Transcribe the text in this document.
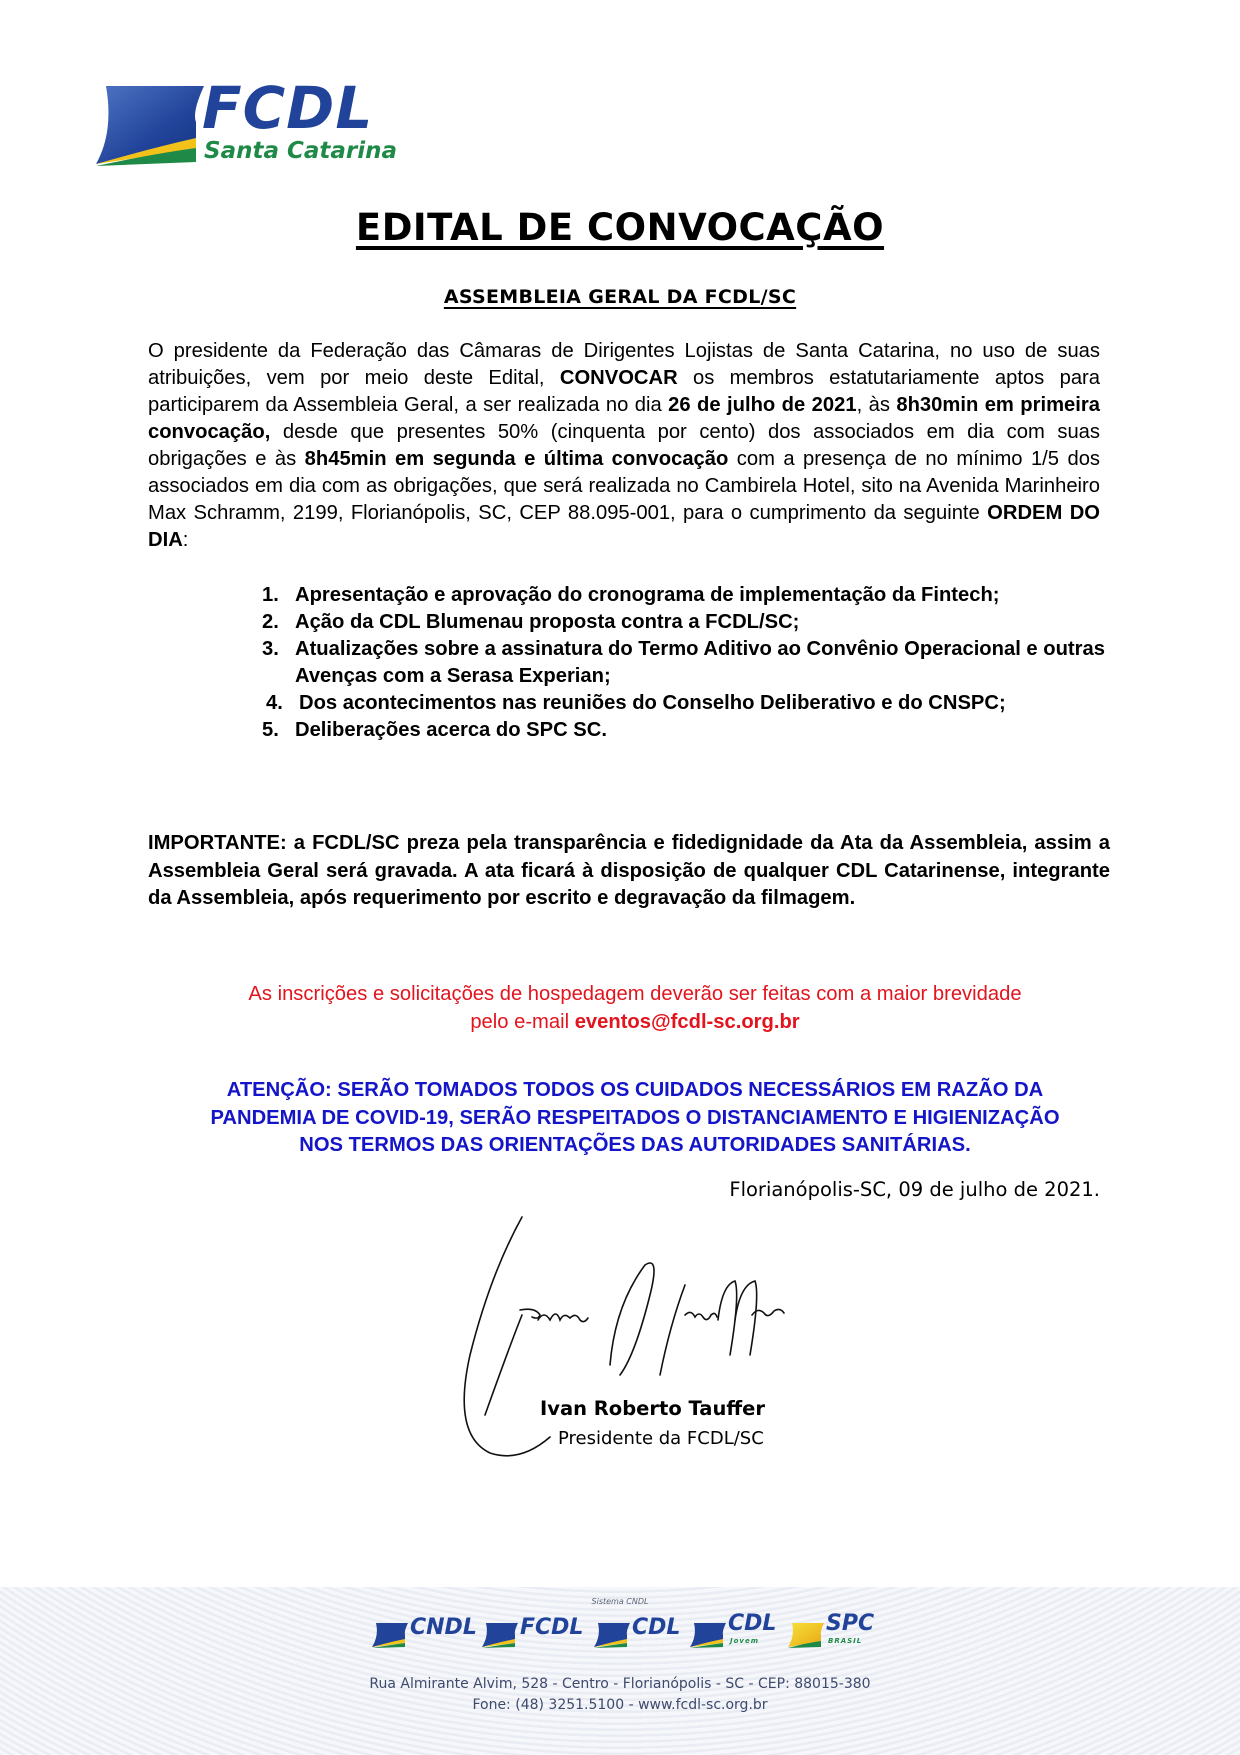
FCDL
Santa Catarina
EDITAL DE CONVOCAÇÃO
ASSEMBLEIA GERAL DA FCDL/SC
O presidente da Federação das Câmaras de Dirigentes Lojistas de Santa Catarina, no uso de suas atribuições, vem por meio deste Edital, CONVOCAR os membros estatutariamente aptos para participarem da Assembleia Geral, a ser realizada no dia 26 de julho de 2021, às 8h30min em primeira convocação, desde que presentes 50% (cinquenta por cento) dos associados em dia com suas obrigações e às 8h45min em segunda e última convocação com a presença de no mínimo 1/5 dos associados em dia com as obrigações, que será realizada no Cambirela Hotel, sito na Avenida Marinheiro Max Schramm, 2199, Florianópolis, SC, CEP 88.095-001, para o cumprimento da seguinte ORDEM DO DIA:
1. Apresentação e aprovação do cronograma de implementação da Fintech;
2. Ação da CDL Blumenau proposta contra a FCDL/SC;
3. Atualizações sobre a assinatura do Termo Aditivo ao Convênio Operacional e outras Avenças com a Serasa Experian;
4. Dos acontecimentos nas reuniões do Conselho Deliberativo e do CNSPC;
5. Deliberações acerca do SPC SC.
IMPORTANTE: a FCDL/SC preza pela transparência e fidedignidade da Ata da Assembleia, assim a Assembleia Geral será gravada. A ata ficará à disposição de qualquer CDL Catarinense, integrante da Assembleia, após requerimento por escrito e degravação da filmagem.
As inscrições e solicitações de hospedagem deverão ser feitas com a maior brevidade
pelo e-mail eventos@fcdl-sc.org.br
ATENÇÃO: SERÃO TOMADOS TODOS OS CUIDADOS NECESSÁRIOS EM RAZÃO DA
PANDEMIA DE COVID-19, SERÃO RESPEITADOS O DISTANCIAMENTO E HIGIENIZAÇÃO
NOS TERMOS DAS ORIENTAÇÕES DAS AUTORIDADES SANITÁRIAS.
Florianópolis-SC, 09 de julho de 2021.
Ivan Roberto Tauffer
Presidente da FCDL/SC
Sistema CNDL
CNDL FCDL CDL CDL
Jovem
SPC
BRASIL
Rua Almirante Alvim, 528 - Centro - Florianópolis - SC - CEP: 88015-380
Fone: (48) 3251.5100 - www.fcdl-sc.org.br
